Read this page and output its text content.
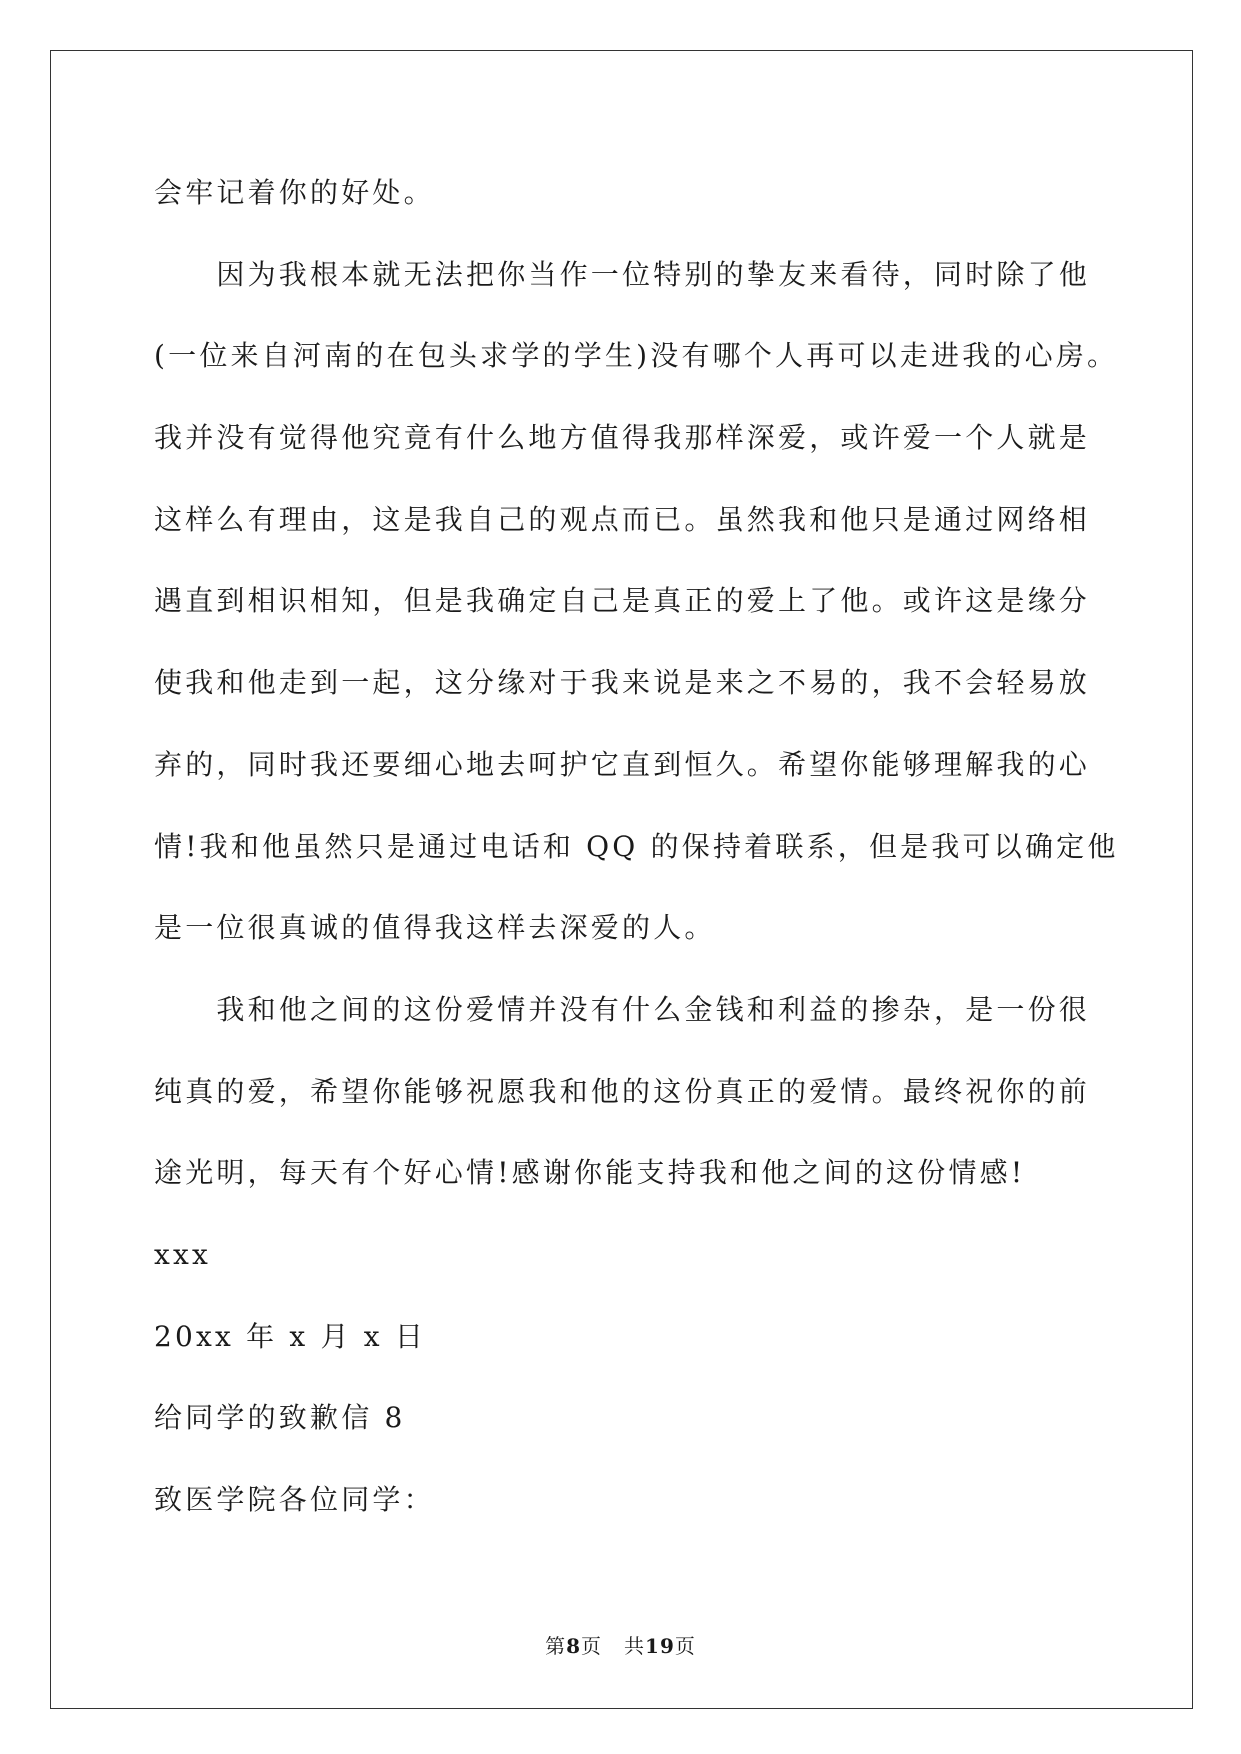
会牢记着你的好处。
因为我根本就无法把你当作一位特别的挚友来看待，同时除了他
(一位来自河南的在包头求学的学生)没有哪个人再可以走进我的心房。
我并没有觉得他究竟有什么地方值得我那样深爱，或许爱一个人就是
这样么有理由，这是我自己的观点而已。虽然我和他只是通过网络相
遇直到相识相知，但是我确定自己是真正的爱上了他。或许这是缘分
使我和他走到一起，这分缘对于我来说是来之不易的，我不会轻易放
弃的，同时我还要细心地去呵护它直到恒久。希望你能够理解我的心
情!我和他虽然只是通过电话和 QQ 的保持着联系，但是我可以确定他
是一位很真诚的值得我这样去深爱的人。
我和他之间的这份爱情并没有什么金钱和利益的掺杂，是一份很
纯真的爱，希望你能够祝愿我和他的这份真正的爱情。最终祝你的前
途光明，每天有个好心情!感谢你能支持我和他之间的这份情感!
xxx
20xx 年 x 月 x 日
给同学的致歉信 8
致医学院各位同学：
第8页 共19页
